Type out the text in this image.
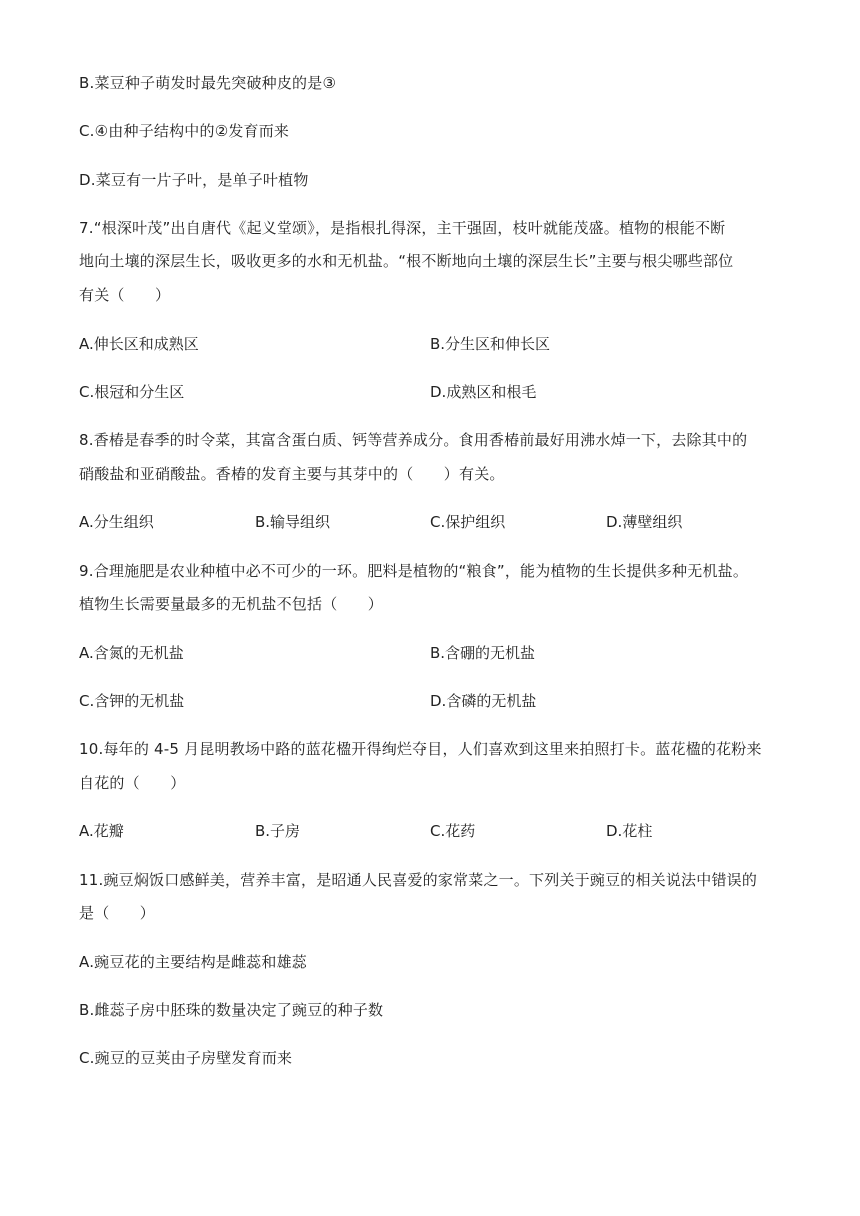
B.菜豆种子萌发时最先突破种皮的是③
C.④由种子结构中的②发育而来
D.菜豆有一片子叶，是单子叶植物
7.“根深叶茂”出自唐代《起义堂颂》，是指根扎得深，主干强固，枝叶就能茂盛。植物的根能不断
地向土壤的深层生长，吸收更多的水和无机盐。“根不断地向土壤的深层生长”主要与根尖哪些部位
有关（　　）
A.伸长区和成熟区	B.分生区和伸长区
C.根冠和分生区	D.成熟区和根毛
8.香椿是春季的时令菜，其富含蛋白质、钙等营养成分。食用香椿前最好用沸水焯一下，去除其中的
硝酸盐和亚硝酸盐。香椿的发育主要与其芽中的（　　）有关。
A.分生组织	B.输导组织	C.保护组织	D.薄壁组织
9.合理施肥是农业种植中必不可少的一环。肥料是植物的“粮食”，能为植物的生长提供多种无机盐。
植物生长需要量最多的无机盐不包括（　　）
A.含氮的无机盐	B.含硼的无机盐
C.含钾的无机盐	D.含磷的无机盐
10.每年的 4-5 月昆明教场中路的蓝花楹开得绚烂夺目，人们喜欢到这里来拍照打卡。蓝花楹的花粉来
自花的（　　）
A.花瓣	B.子房	C.花药	D.花柱
11.豌豆焖饭口感鲜美，营养丰富，是昭通人民喜爱的家常菜之一。下列关于豌豆的相关说法中错误的
是（　　）
A.豌豆花的主要结构是雌蕊和雄蕊
B.雌蕊子房中胚珠的数量决定了豌豆的种子数
C.豌豆的豆荚由子房壁发育而来
